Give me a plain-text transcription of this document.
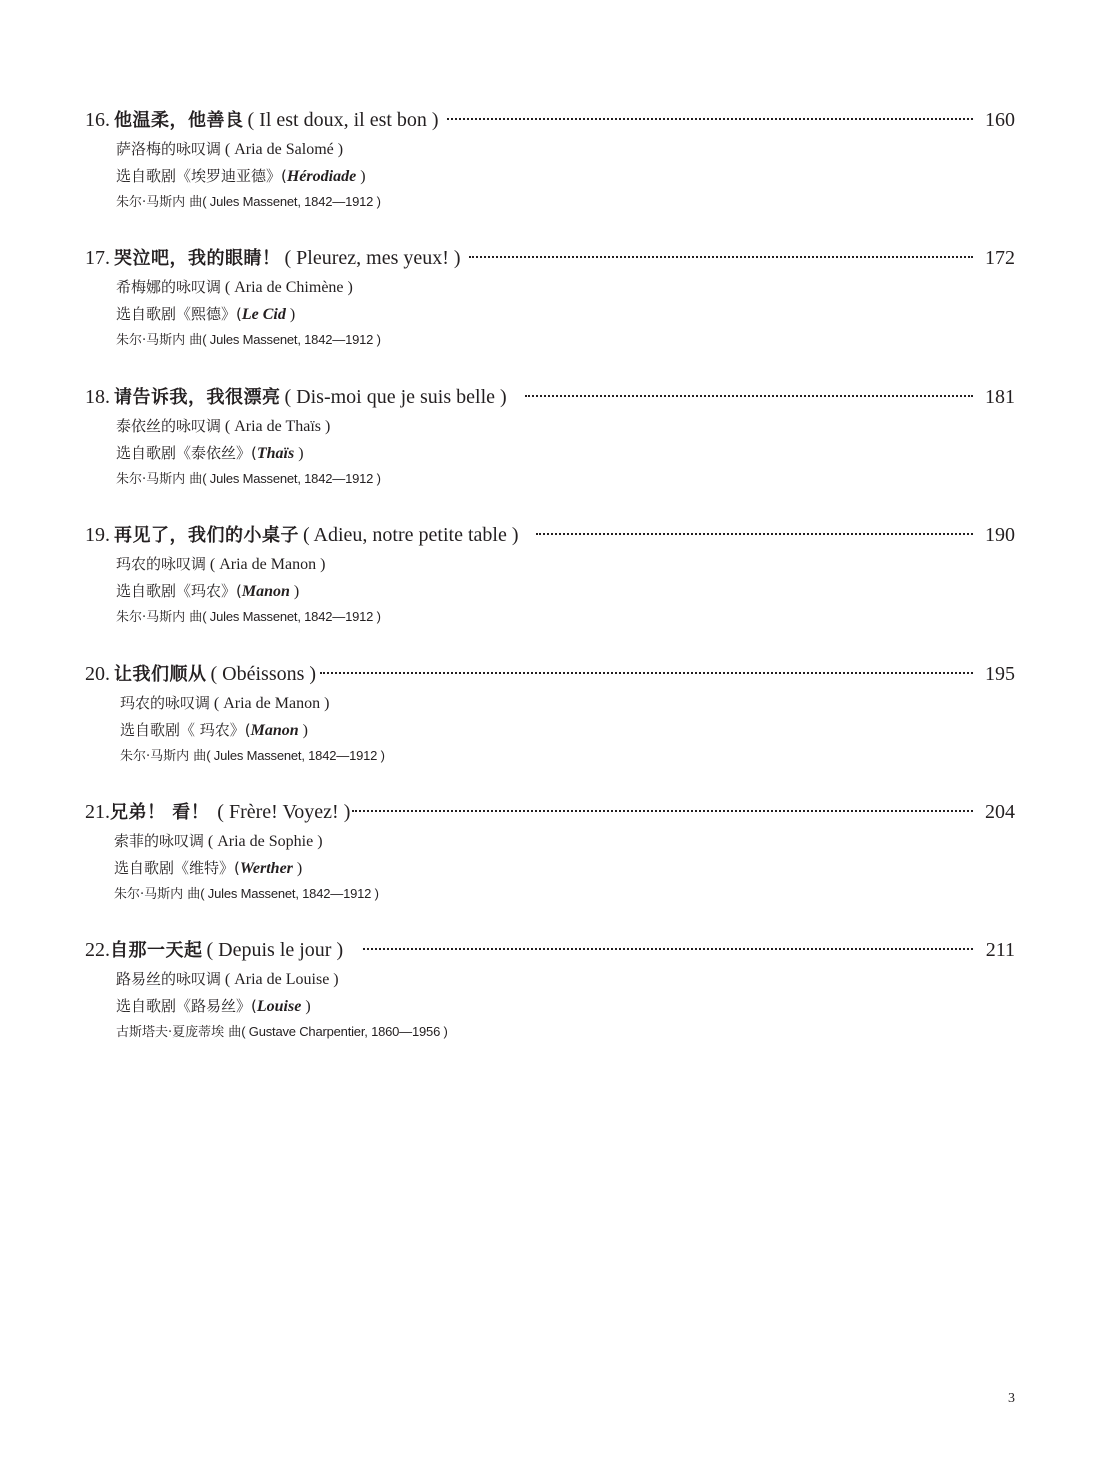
16.
他温柔，他善良
( Il est doux, il est bon )	160
萨洛梅的咏叹调 ( Aria de Salomé )
选自歌剧《埃罗迪亚德》(Hérodiade )
朱尔·马斯内 曲( Jules Massenet, 1842—1912 )
17.
哭泣吧，我的眼睛！
( Pleurez, mes yeux! )	172
希梅娜的咏叹调 ( Aria de Chimène )
选自歌剧《熙德》(Le Cid )
朱尔·马斯内 曲( Jules Massenet, 1842—1912 )
18.
请告诉我，我很漂亮
( Dis-moi que je suis belle )	181
泰依丝的咏叹调 ( Aria de Thaïs )
选自歌剧《泰依丝》(Thaïs )
朱尔·马斯内 曲( Jules Massenet, 1842—1912 )
19.
再见了，我们的小桌子
( Adieu, notre petite table )	190
玛农的咏叹调 ( Aria de Manon )
选自歌剧《玛农》(Manon )
朱尔·马斯内 曲( Jules Massenet, 1842—1912 )
20.
让我们顺从
( Obéissons )	195
玛农的咏叹调 ( Aria de Manon )
选自歌剧《 玛农》(Manon )
朱尔·马斯内 曲( Jules Massenet, 1842—1912 )
21. 兄弟！ 看！
( Frère! Voyez! )	204
索菲的咏叹调 ( Aria de Sophie )
选自歌剧《维特》(Werther )
朱尔·马斯内 曲( Jules Massenet, 1842—1912 )
22. 自那一天起
( Depuis le jour )	211
路易丝的咏叹调 ( Aria de Louise )
选自歌剧《路易丝》(Louise )
古斯塔夫·夏庞蒂埃 曲( Gustave Charpentier, 1860—1956 )
3
